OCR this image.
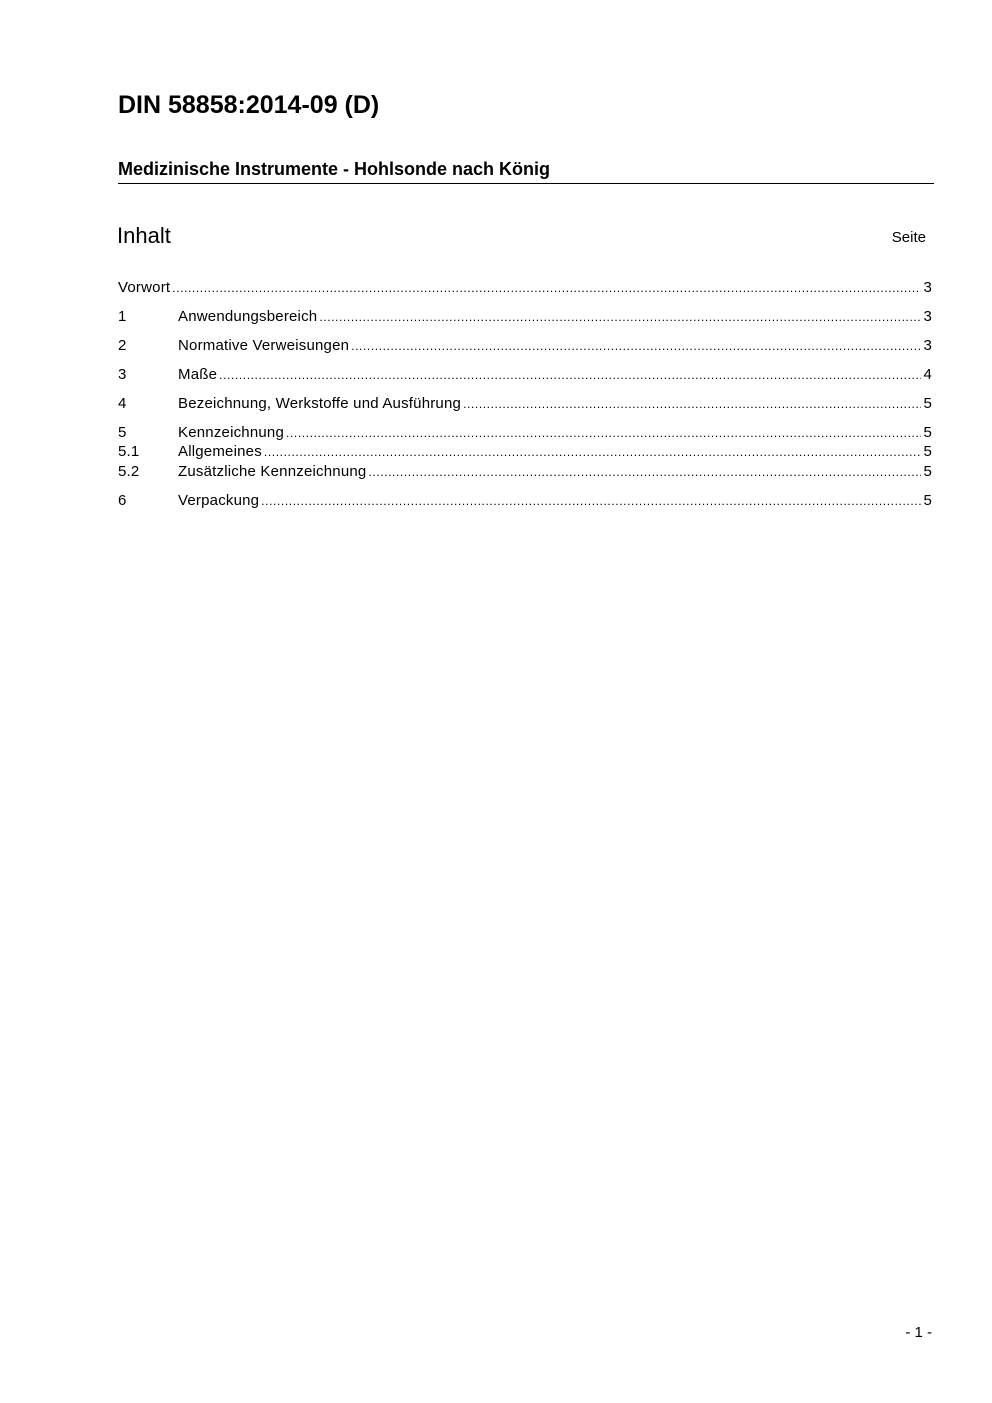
DIN 58858:2014-09 (D)
Medizinische Instrumente - Hohlsonde nach König
Inhalt	Seite
Vorwort .....	3
1	Anwendungsbereich .....	3
2	Normative Verweisungen .....	3
3	Maße .....	4
4	Bezeichnung, Werkstoffe und Ausführung .....	5
5	Kennzeichnung .....	5
5.1	Allgemeines .....	5
5.2	Zusätzliche Kennzeichnung .....	5
6	Verpackung .....	5
- 1 -
